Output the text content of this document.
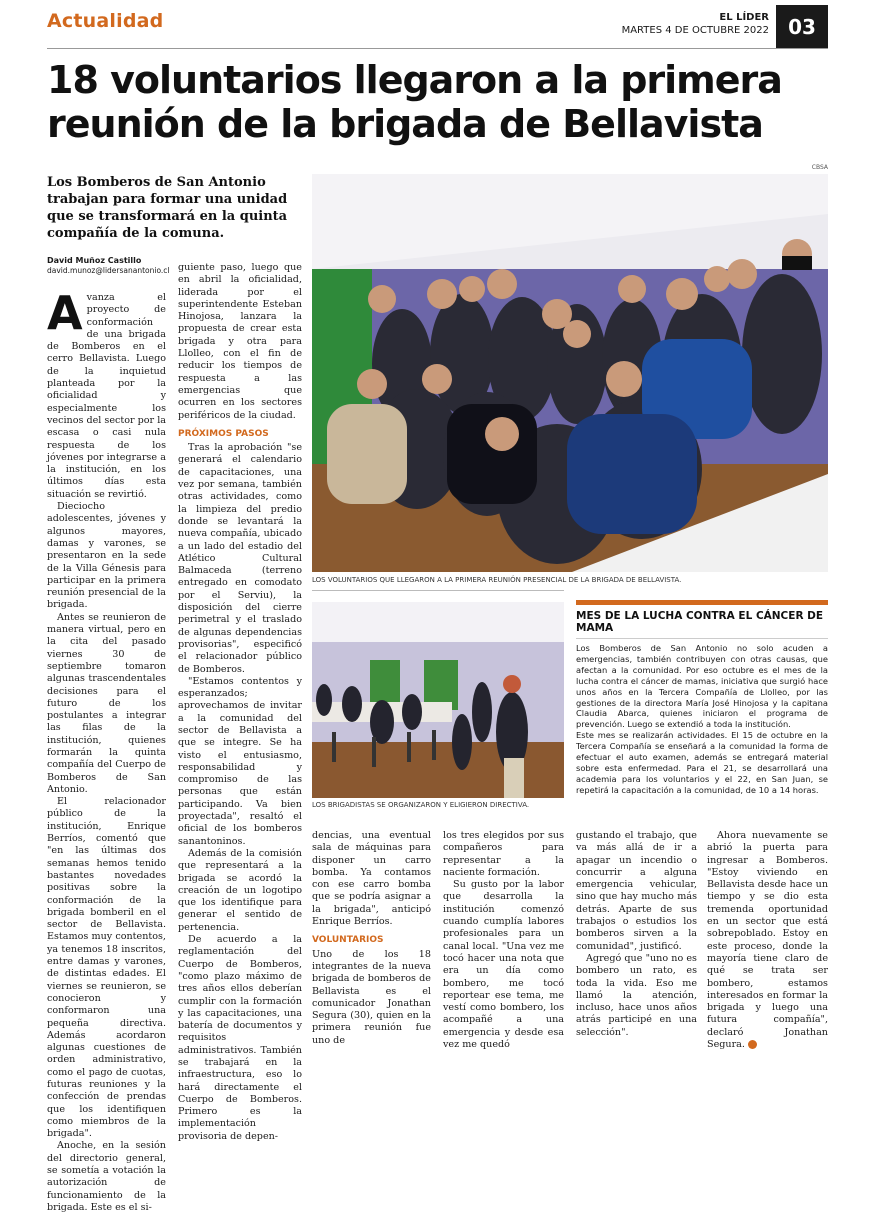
Actualidad	EL LÍDER
MARTES 4 DE OCTUBRE 2022 03
18 voluntarios llegaron a la primera reunión de la brigada de Bellavista
CBSA
Los Bomberos de San Antonio trabajan para formar una unidad que se transformará en la quinta compañía de la comuna.
David Muñoz Castillo
david.munoz@lidersanantonio.cl

Avanza el proyecto de conformación de una brigada de Bomberos en el cerro Bellavista. Luego de la inquietud planteada por la oficialidad y especialmente los vecinos del sector por la escasa o casi nula respuesta de los jóvenes por integrarse a la institución, en los últimos días esta situación se revirtió.

Dieciocho adolescentes, jóvenes y algunos mayores, damas y varones, se presentaron en la sede de la Villa Génesis para participar en la primera reunión presencial de la brigada.

Antes se reunieron de manera virtual, pero en la cita del pasado viernes 30 de septiembre tomaron algunas trascendentales decisiones para el futuro de los postulantes a integrar las filas de la institución, quienes formarán la quinta compañía del Cuerpo de Bomberos de San Antonio.

El relacionador público de la institución, Enrique Berríos, comentó que "en las últimas dos semanas hemos tenido bastantes novedades positivas sobre la conformación de la brigada bomberil en el sector de Bellavista. Estamos muy contentos, ya tenemos 18 inscritos, entre damas y varones, de distintas edades. El viernes se reunieron, se conocieron y conformaron una pequeña directiva. Además acordaron algunas cuestiones de orden administrativo, como el pago de cuotas, futuras reuniones y la confección de prendas que los identifiquen como miembros de la brigada".

Anoche, en la sesión del directorio general, se sometía a votación la autorización de funcionamiento de la brigada. Este es el si-

guiente paso, luego que en abril la oficialidad, liderada por el superintendente Esteban Hinojosa, lanzara la propuesta de crear esta brigada y otra para Llolleo, con el fin de reducir los tiempos de respuesta a las emergencias que ocurren en los sectores periféricos de la ciudad.

PRÓXIMOS PASOS

Tras la aprobación "se generará el calendario de capacitaciones, una vez por semana, también otras actividades, como la limpieza del predio donde se levantará la nueva compañía, ubicado a un lado del estadio del Atlético Cultural Balmaceda (terreno entregado en comodato por el Serviu), la disposición del cierre perimetral y el traslado de algunas dependencias provisorias", especificó el relacionador público de Bomberos.

"Estamos contentos y esperanzados; aprovechamos de invitar a la comunidad del sector de Bellavista a que se integre. Se ha visto el entusiasmo, responsabilidad y compromiso de las personas que están participando. Va bien proyectada", resaltó el oficial de los bomberos sanantoninos.

Además de la comisión que representará a la brigada se acordó la creación de un logotipo que los identifique para generar el sentido de pertenencia.

De acuerdo a la reglamentación del Cuerpo de Bomberos, "como plazo máximo de tres años ellos deberían cumplir con la formación y las capacitaciones, una batería de documentos y requisitos administrativos. También se trabajará en la infraestructura, eso lo hará directamente el Cuerpo de Bomberos. Primero es la implementación provisoria de depen-

LOS VOLUNTARIOS QUE LLEGARON A LA PRIMERA REUNIÓN PRESENCIAL DE LA BRIGADA DE BELLAVISTA.
LOS BRIGADISTAS SE ORGANIZARON Y ELIGIERON DIRECTIVA.
MES DE LA LUCHA CONTRA EL CÁNCER DE MAMA

Los Bomberos de San Antonio no solo acuden a emergencias, también contribuyen con otras causas, que afectan a la comunidad. Por eso octubre es el mes de la lucha contra el cáncer de mamas, iniciativa que surgió hace unos años en la Tercera Compañía de Llolleo, por las gestiones de la directora María José Hinojosa y la capitana Claudia Abarca, quienes iniciaron el programa de prevención. Luego se extendió a toda la institución.

Este mes se realizarán actividades. El 15 de octubre en la Tercera Compañía se enseñará a la comunidad la forma de efectuar el auto examen, además se entregará material sobre esta enfermedad. Para el 21, se desarrollará una academia para los voluntarios y el 22, en San Juan, se repetirá la capacitación a la comunidad, de 10 a 14 horas.

dencias, una eventual sala de máquinas para disponer un carro bomba. Ya contamos con ese carro bomba que se podría asignar a la brigada", anticipó Enrique Berríos.

VOLUNTARIOS

Uno de los 18 integrantes de la nueva brigada de bomberos de Bellavista es el comunicador Jonathan Segura (30), quien en la primera reunión fue uno de

los tres elegidos por sus compañeros para representar a la naciente formación.

Su gusto por la labor que desarrolla la institución comenzó cuando cumplía labores profesionales para un canal local. "Una vez me tocó hacer una nota que era un día como bombero, me tocó reportear ese tema, me vestí como bombero, los acompañé a una emergencia y desde esa vez me quedó

gustando el trabajo, que va más allá de ir a apagar un incendio o concurrir a alguna emergencia vehicular, sino que hay mucho más detrás. Aparte de sus trabajos o estudios los bomberos sirven a la comunidad", justificó.

Agregó que "uno no es bombero un rato, es toda la vida. Eso me llamó la atención, incluso, hace unos años atrás participé en una selección".

Ahora nuevamente se abrió la puerta para ingresar a Bomberos. "Estoy viviendo en Bellavista desde hace un tiempo y se dio esta tremenda oportunidad en un sector que está sobrepoblado. Estoy en este proceso, donde la mayoría tiene claro de qué se trata ser bombero, estamos interesados en formar la brigada y luego una futura compañía", declaró Jonathan Segura.
